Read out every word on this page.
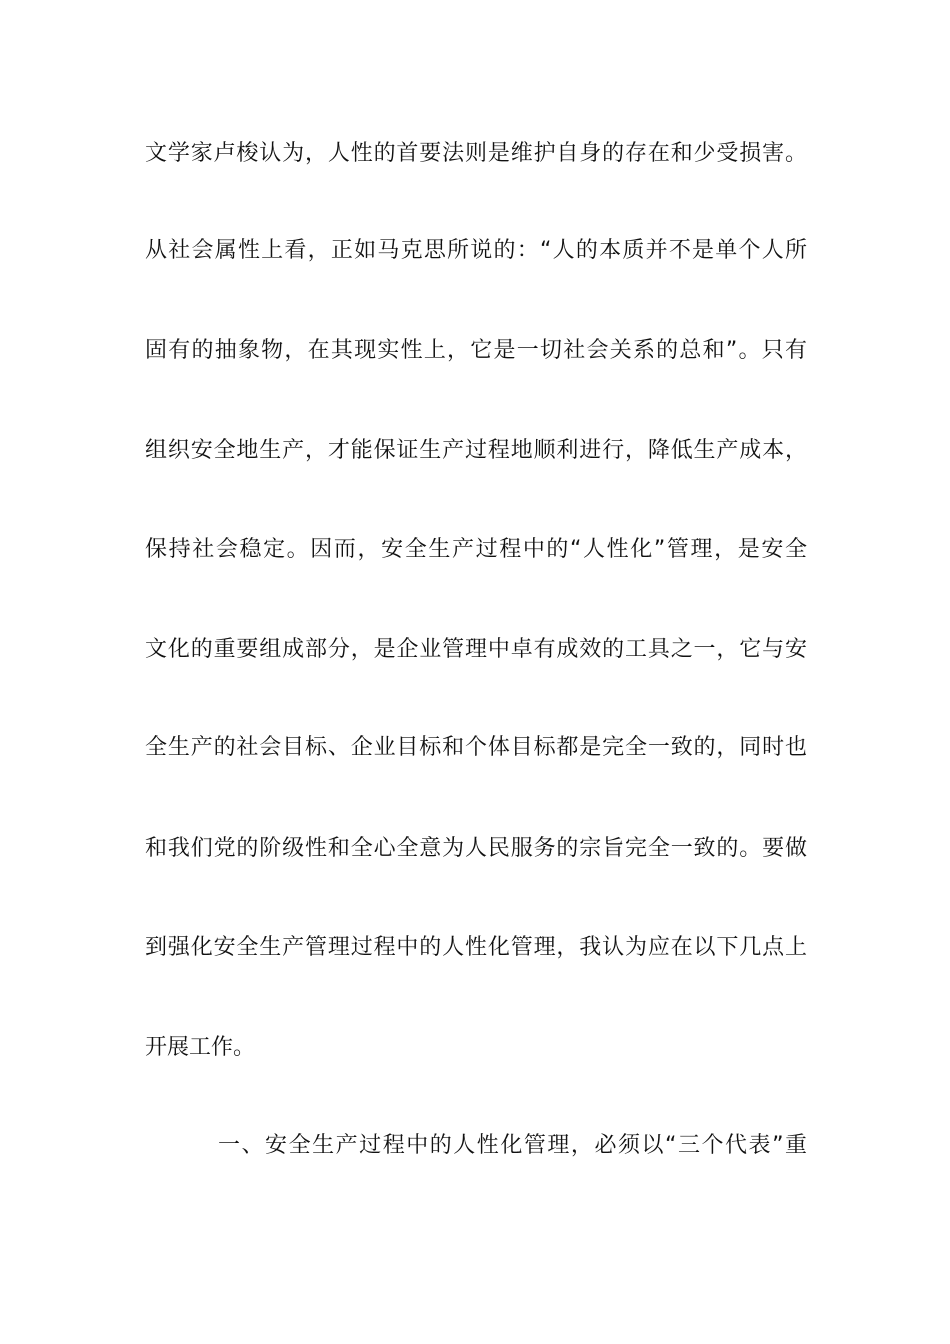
文学家卢梭认为，人性的首要法则是维护自身的存在和少受损害。
从社会属性上看，正如马克思所说的：“人的本质并不是单个人所
固有的抽象物，在其现实性上，它是一切社会关系的总和”。只有
组织安全地生产，才能保证生产过程地顺利进行，降低生产成本，
保持社会稳定。因而，安全生产过程中的“人性化”管理，是安全
文化的重要组成部分，是企业管理中卓有成效的工具之一，它与安
全生产的社会目标、企业目标和个体目标都是完全一致的，同时也
和我们党的阶级性和全心全意为人民服务的宗旨完全一致的。要做
到强化安全生产管理过程中的人性化管理，我认为应在以下几点上
开展工作。
一、安全生产过程中的人性化管理，必须以“三个代表”重
